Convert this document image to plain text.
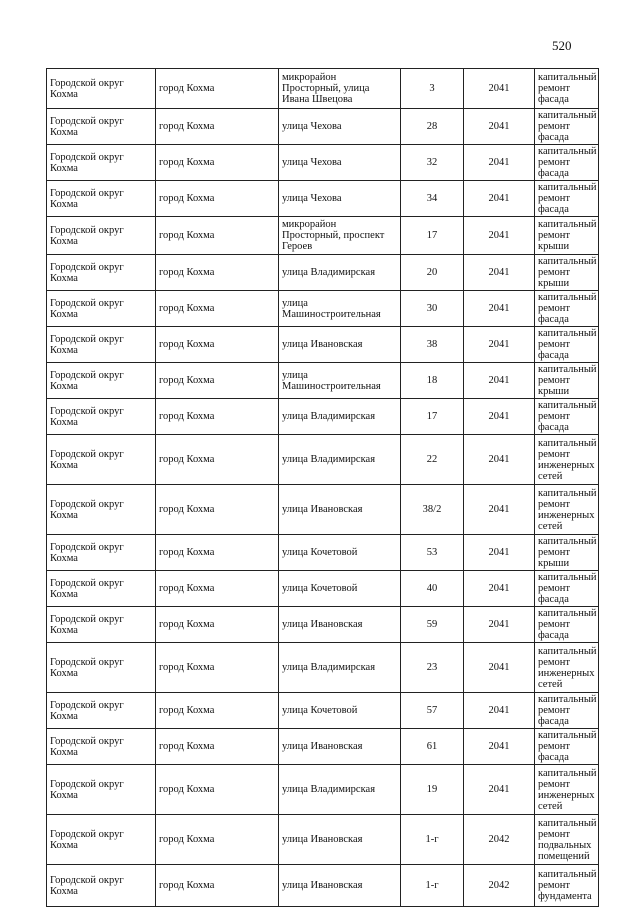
520
Городской округ Кохма	город Кохма	микрорайон Просторный, улица Ивана Швецова	3	2041	капитальный ремонт фасада
Городской округ Кохма	город Кохма	улица Чехова	28	2041	капитальный ремонт фасада
Городской округ Кохма	город Кохма	улица Чехова	32	2041	капитальный ремонт фасада
Городской округ Кохма	город Кохма	улица Чехова	34	2041	капитальный ремонт фасада
Городской округ Кохма	город Кохма	микрорайон Просторный, проспект Героев	17	2041	капитальный ремонт крыши
Городской округ Кохма	город Кохма	улица Владимирская	20	2041	капитальный ремонт крыши
Городской округ Кохма	город Кохма	улица Машиностроительная	30	2041	капитальный ремонт фасада
Городской округ Кохма	город Кохма	улица Ивановская	38	2041	капитальный ремонт фасада
Городской округ Кохма	город Кохма	улица Машиностроительная	18	2041	капитальный ремонт крыши
Городской округ Кохма	город Кохма	улица Владимирская	17	2041	капитальный ремонт фасада
Городской округ Кохма	город Кохма	улица Владимирская	22	2041	капитальный ремонт инженерных сетей
Городской округ Кохма	город Кохма	улица Ивановская	38/2	2041	капитальный ремонт инженерных сетей
Городской округ Кохма	город Кохма	улица Кочетовой	53	2041	капитальный ремонт крыши
Городской округ Кохма	город Кохма	улица Кочетовой	40	2041	капитальный ремонт фасада
Городской округ Кохма	город Кохма	улица Ивановская	59	2041	капитальный ремонт фасада
Городской округ Кохма	город Кохма	улица Владимирская	23	2041	капитальный ремонт инженерных сетей
Городской округ Кохма	город Кохма	улица Кочетовой	57	2041	капитальный ремонт фасада
Городской округ Кохма	город Кохма	улица Ивановская	61	2041	капитальный ремонт фасада
Городской округ Кохма	город Кохма	улица Владимирская	19	2041	капитальный ремонт инженерных сетей
Городской округ Кохма	город Кохма	улица Ивановская	1-г	2042	капитальный ремонт подвальных помещений
Городской округ Кохма	город Кохма	улица Ивановская	1-г	2042	капитальный ремонт фундамента
